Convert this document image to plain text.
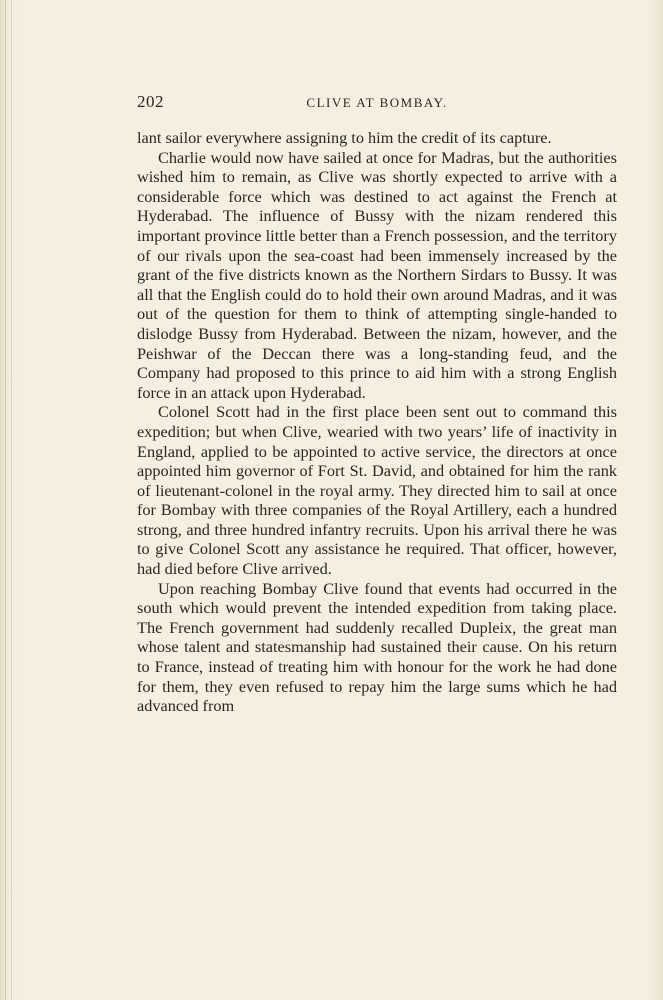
202	CLIVE AT BOMBAY.

lant sailor everywhere assigning to him the credit of its capture.

Charlie would now have sailed at once for Madras, but the authorities wished him to remain, as Clive was shortly expected to arrive with a considerable force which was destined to act against the French at Hyderabad. The influence of Bussy with the nizam rendered this important province little better than a French possession, and the territory of our rivals upon the sea-coast had been immensely increased by the grant of the five districts known as the Northern Sirdars to Bussy. It was all that the English could do to hold their own around Madras, and it was out of the question for them to think of attempting single-handed to dislodge Bussy from Hyderabad. Between the nizam, however, and the Peishwar of the Deccan there was a long-standing feud, and the Company had proposed to this prince to aid him with a strong English force in an attack upon Hyderabad.

Colonel Scott had in the first place been sent out to command this expedition; but when Clive, wearied with two years’ life of inactivity in England, applied to be appointed to active service, the directors at once appointed him governor of Fort St. David, and obtained for him the rank of lieutenant-colonel in the royal army. They directed him to sail at once for Bombay with three companies of the Royal Artillery, each a hundred strong, and three hundred infantry recruits. Upon his arrival there he was to give Colonel Scott any assistance he required. That officer, however, had died before Clive arrived.

Upon reaching Bombay Clive found that events had occurred in the south which would prevent the intended expedition from taking place. The French government had suddenly recalled Dupleix, the great man whose talent and statesmanship had sustained their cause. On his return to France, instead of treating him with honour for the work he had done for them, they even refused to repay him the large sums which he had advanced from
